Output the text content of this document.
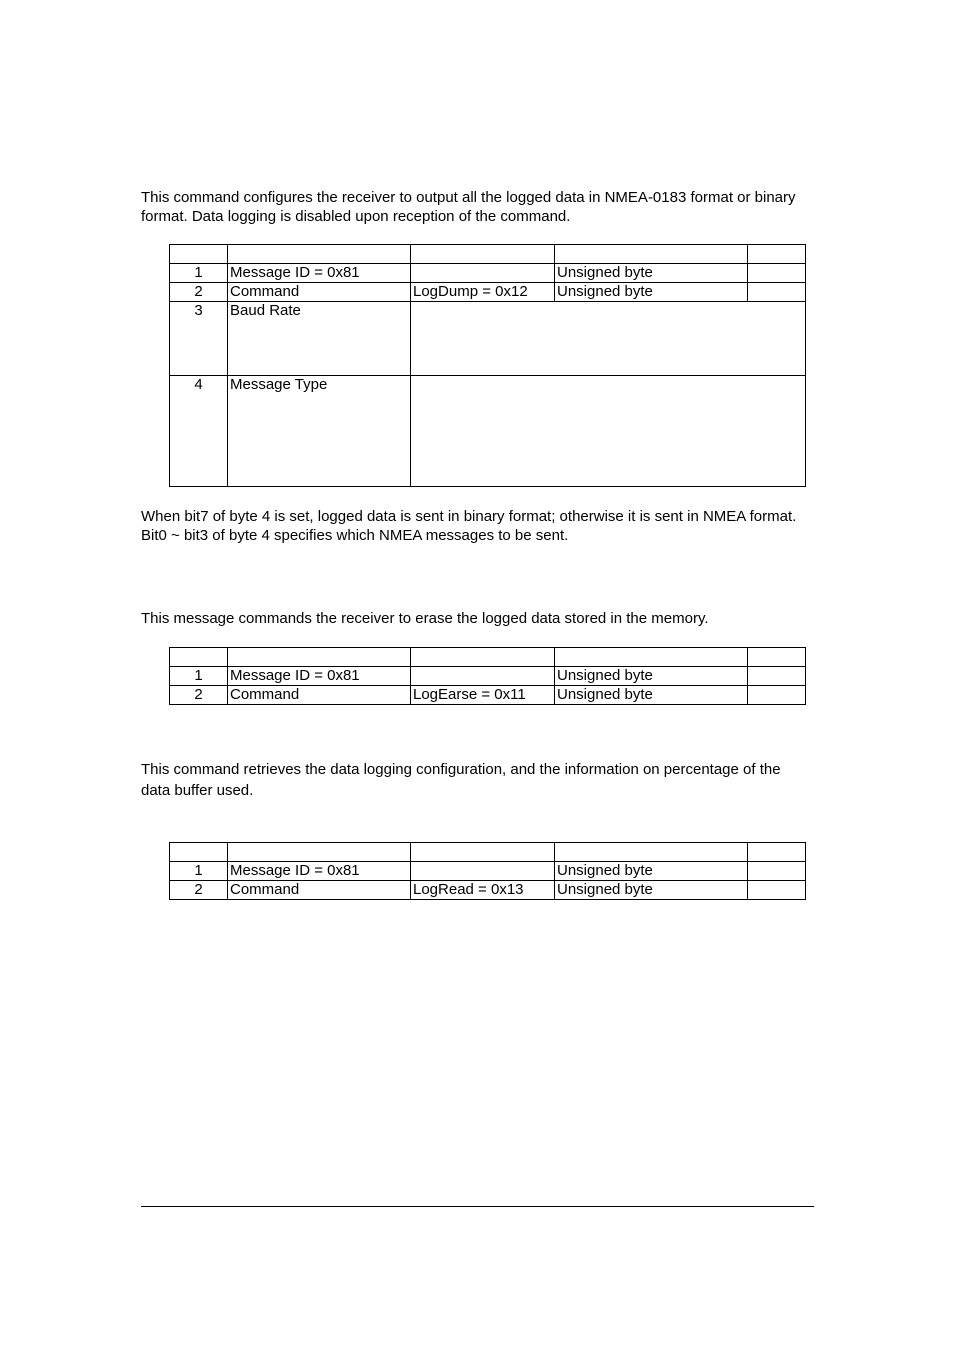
This command configures the receiver to output all the logged data in NMEA-0183 format or binary format. Data logging is disabled upon reception of the command.

1	Message ID = 0x81		Unsigned byte	
2	Command	LogDump = 0x12	Unsigned byte	
3	Baud Rate			
4	Message Type			

When bit7 of byte 4 is set, logged data is sent in binary format; otherwise it is sent in NMEA format. Bit0 ~ bit3 of byte 4 specifies which NMEA messages to be sent.

This message commands the receiver to erase the logged data stored in the memory.

1	Message ID = 0x81		Unsigned byte	
2	Command	LogEarse = 0x11	Unsigned byte	

This command retrieves the data logging configuration, and the information on percentage of the data buffer used.

1	Message ID = 0x81		Unsigned byte	
2	Command	LogRead = 0x13	Unsigned byte	
